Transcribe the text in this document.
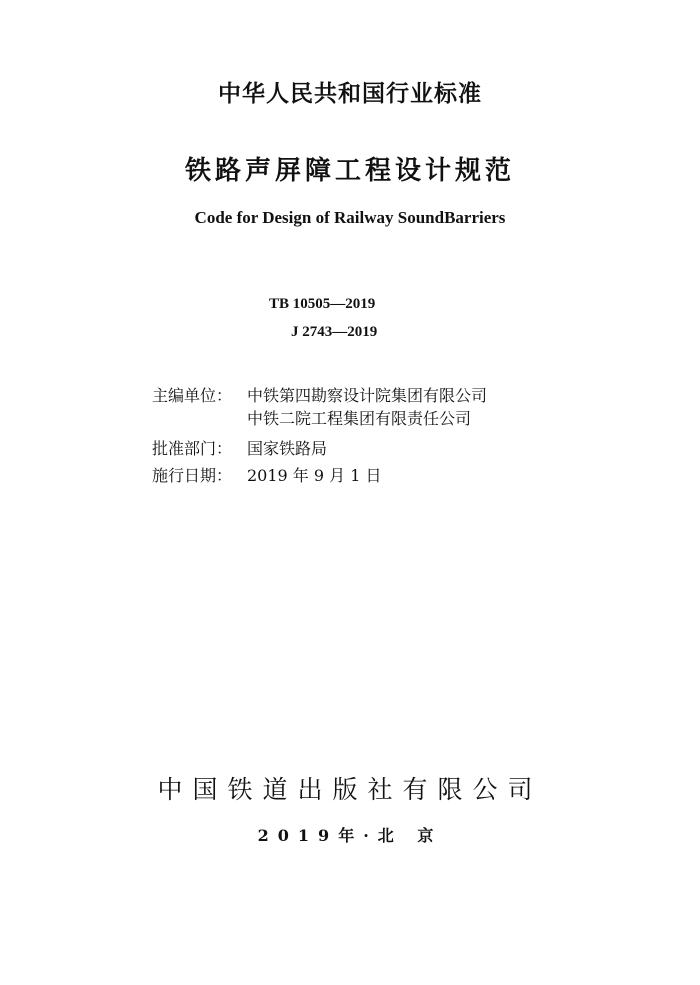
中华人民共和国行业标准
铁路声屏障工程设计规范
Code for Design of Railway SoundBarriers
TB 10505—2019
J 2743—2019
主编单位： 中铁第四勘察设计院集团有限公司
中铁二院工程集团有限责任公司
批准部门： 国家铁路局
施行日期： 2019 年 9 月 1 日
中国铁道出版社有限公司
2019年·北 京
